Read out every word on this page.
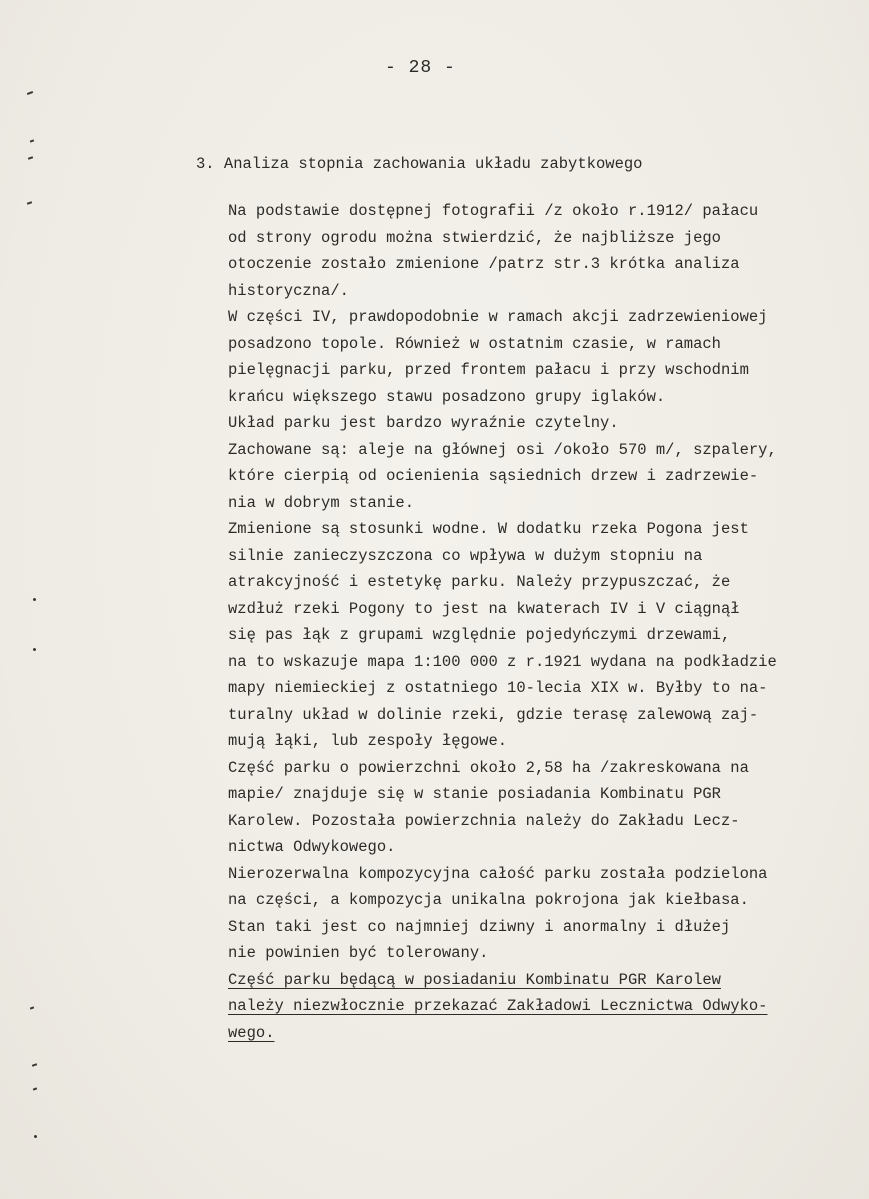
- 28 -
3. Analiza stopnia zachowania układu zabytkowego
Na podstawie dostępnej fotografii /z około r.1912/ pałacu
od strony ogrodu można stwierdzić, że najbliższe jego
otoczenie zostało zmienione /patrz str.3 krótka analiza
historyczna/.
W części IV, prawdopodobnie w ramach akcji zadrzewieniowej
posadzono topole. Również w ostatnim czasie, w ramach
pielęgnacji parku, przed frontem pałacu i przy wschodnim
krańcu większego stawu posadzono grupy iglaków.
Układ parku jest bardzo wyraźnie czytelny.
Zachowane są: aleje na głównej osi /około 570 m/, szpalery,
które cierpią od ocienienia sąsiednich drzew i zadrzewie-
nia w dobrym stanie.
Zmienione są stosunki wodne. W dodatku rzeka Pogona jest
silnie zanieczyszczona co wpływa w dużym stopniu na
atrakcyjność i estetykę parku. Należy przypuszczać, że
wzdłuż rzeki Pogony to jest na kwaterach IV i V ciągnął
się pas łąk z grupami względnie pojedyńczymi drzewami,
na to wskazuje mapa 1:100 000 z r.1921 wydana na podkładzie
mapy niemieckiej z ostatniego 10-lecia XIX w. Byłby to na-
turalny układ w dolinie rzeki, gdzie terasę zalewową zaj-
mują łąki, lub zespoły łęgowe.
Część parku o powierzchni około 2,58 ha /zakreskowana na
mapie/ znajduje się w stanie posiadania Kombinatu PGR
Karolew. Pozostała powierzchnia należy do Zakładu Lecz-
nictwa Odwykowego.
Nierozerwalna kompozycyjna całość parku została podzielona
na części, a kompozycja unikalna pokrojona jak kiełbasa.
Stan taki jest co najmniej dziwny i anormalny i dłużej
nie powinien być tolerowany.
Część parku będącą w posiadaniu Kombinatu PGR Karolew
należy niezwłocznie przekazać Zakładowi Lecznictwa Odwyko-
wego.
